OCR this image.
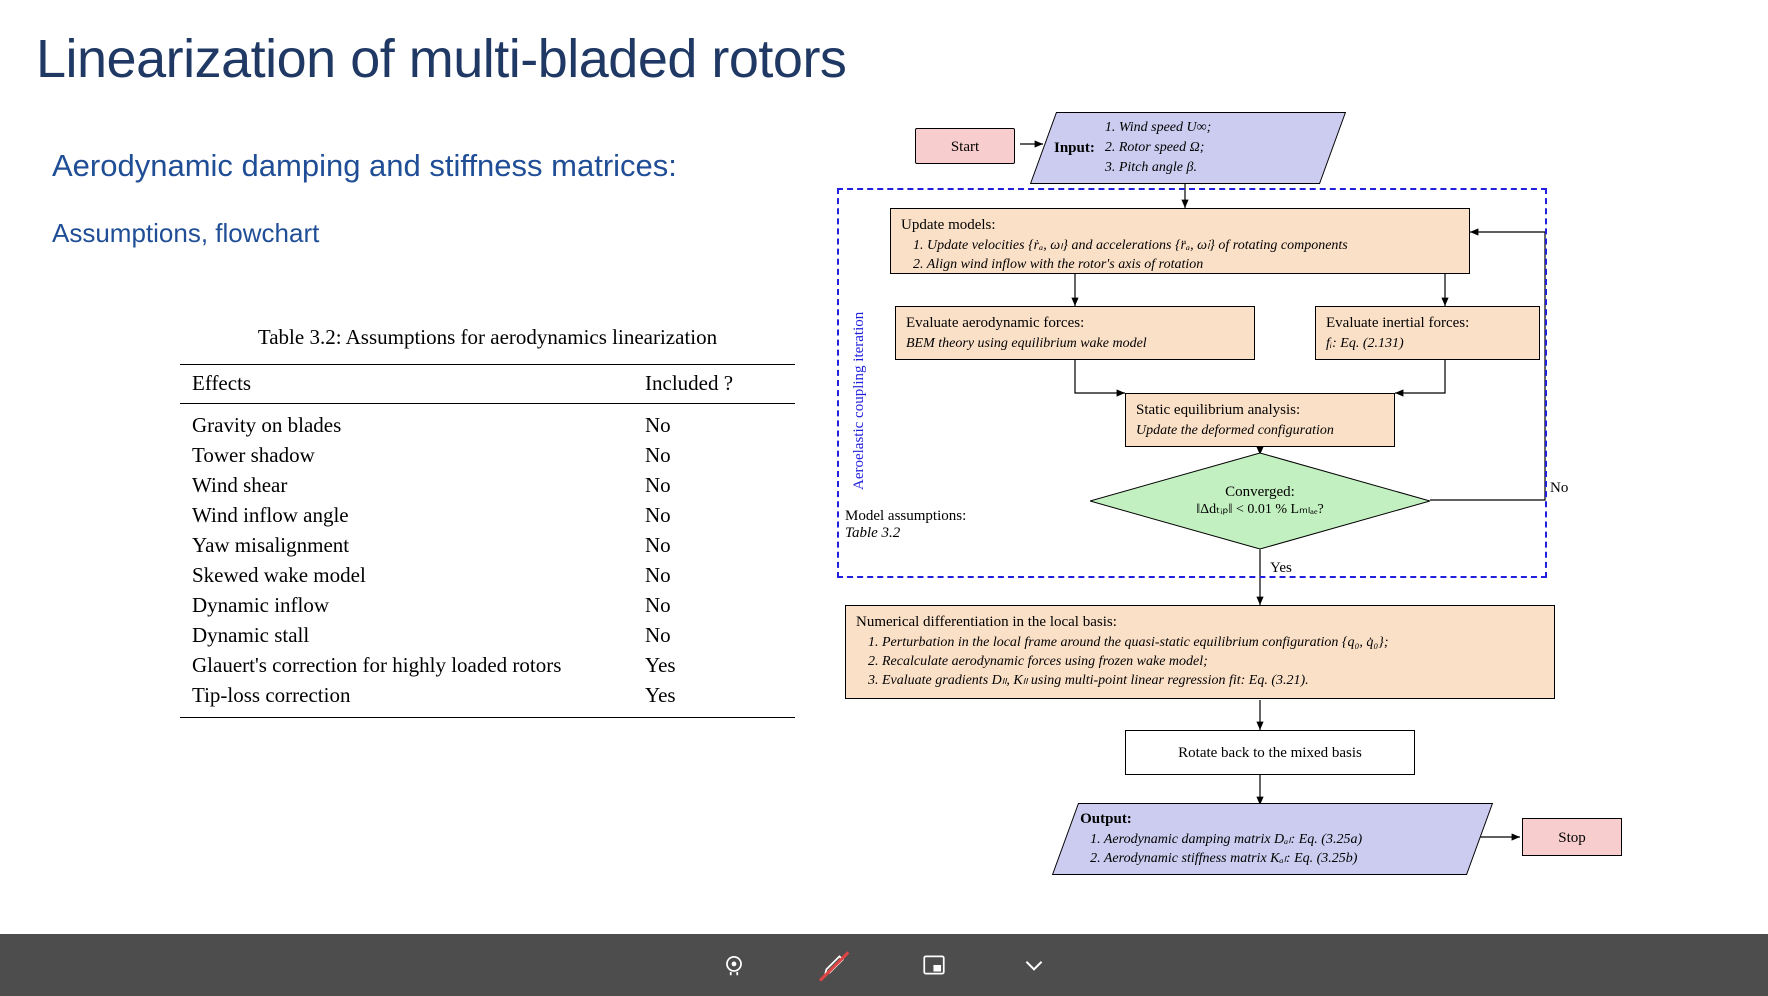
Linearization of multi-bladed rotors
Aerodynamic damping and stiffness matrices:
Assumptions, flowchart
Table 3.2: Assumptions for aerodynamics linearization
Effects	Included ?
Gravity on blades	No
Tower shadow	No
Wind shear	No
Wind inflow angle	No
Yaw misalignment	No
Skewed wake model	No
Dynamic inflow	No
Dynamic stall	No
Glauert's correction for highly loaded rotors	Yes
Tip-loss correction	Yes
Aeroelastic coupling iteration
Start	Input:
1. Wind speed U∞;
2. Rotor speed Ω;
3. Pitch angle β.
Update models:
1. Update velocities {ṙₐ, ωₗ} and accelerations {r̈ₐ, ω̇ₗ} of rotating components
2. Align wind inflow with the rotor's axis of rotation
Evaluate aerodynamic forces:
BEM theory using equilibrium wake model
Evaluate inertial forces:
fᵢ: Eq. (2.131)
Static equilibrium analysis:
Update the deformed configuration
Converged:
‖Δdₜᵢₚ‖ < 0.01 % Lₘₗₐₑ?
No
Yes
Model assumptions:
Table 3.2
Numerical differentiation in the local basis:
1. Perturbation in the local frame around the quasi-static equilibrium configuration {q₀, q̇₀};
2. Recalculate aerodynamic forces using frozen wake model;
3. Evaluate gradients Dₗₗ, Kₗₗ using multi-point linear regression fit: Eq. (3.21).
Rotate back to the mixed basis
Output:
1. Aerodynamic damping matrix Dₐₗ: Eq. (3.25a)
2. Aerodynamic stiffness matrix Kₐₗ: Eq. (3.25b)
Stop
